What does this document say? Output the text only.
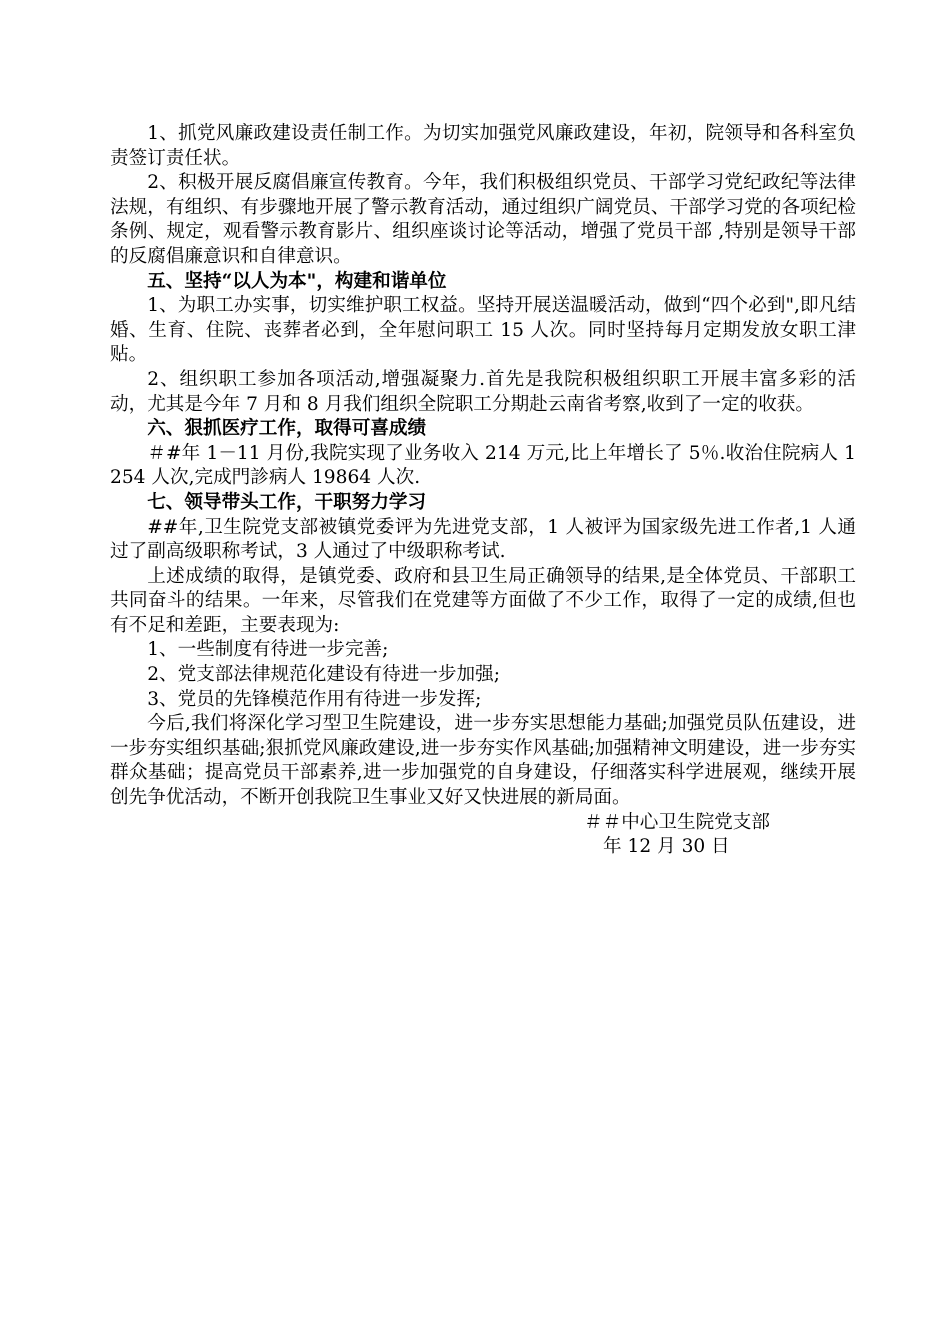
1、抓党风廉政建设责任制工作。为切实加强党风廉政建设，年初，院领导和各科室负责签订责任状。

2、积极开展反腐倡廉宣传教育。今年，我们积极组织党员、干部学习党纪政纪等法律法规，有组织、有步骤地开展了警示教育活动，通过组织广阔党员、干部学习党的各项纪检条例、规定，观看警示教育影片、组织座谈讨论等活动，增强了党员干部 ,特别是领导干部的反腐倡廉意识和自律意识。

五、坚持“以人为本"，构建和谐单位

1、为职工办实事，切实维护职工权益。坚持开展送温暖活动，做到“四个必到",即凡结婚、生育、住院、丧葬者必到，全年慰问职工 15 人次。同时坚持每月定期发放女职工津贴。

2、组织职工参加各项活动,增强凝聚力.首先是我院积极组织职工开展丰富多彩的活动，尤其是今年 7 月和 8 月我们组织全院职工分期赴云南省考察,收到了一定的收获。

六、狠抓医疗工作，取得可喜成绩

＃#年 1－11 月份,我院实现了业务收入 214 万元,比上年增长了 5％.收治住院病人 1254 人次,完成門診病人 19864 人次.

七、领导带头工作，干职努力学习

##年,卫生院党支部被镇党委评为先进党支部，1 人被评为国家级先进工作者,1 人通过了副高级职称考试，3 人通过了中级职称考试.

上述成绩的取得，是镇党委、政府和县卫生局正确领导的结果,是全体党员、干部职工共同奋斗的结果。一年来，尽管我们在党建等方面做了不少工作，取得了一定的成绩,但也有不足和差距，主要表现为:

1、一些制度有待进一步完善;

2、党支部法律规范化建设有待进一步加强;

3、党员的先锋模范作用有待进一步发挥;

今后,我们将深化学习型卫生院建设，进一步夯实思想能力基础;加强党员队伍建设，进一步夯实组织基础;狠抓党风廉政建设,进一步夯实作风基础;加强精神文明建设，进一步夯实群众基础；提高党员干部素养,进一步加强党的自身建设，仔细落实科学进展观，继续开展创先争优活动，不断开创我院卫生事业又好又快进展的新局面。

＃＃中心卫生院党支部

年 12 月 30 日
